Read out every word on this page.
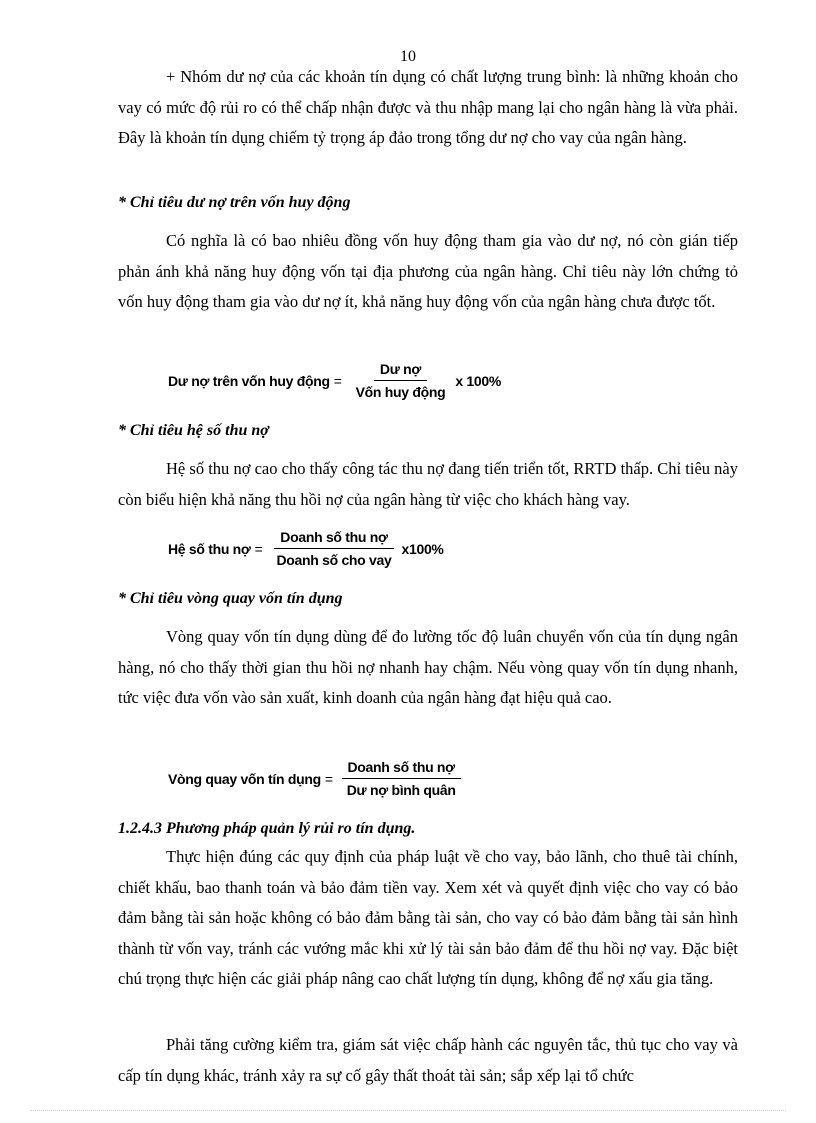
10

+ Nhóm dư nợ của các khoản tín dụng có chất lượng trung bình: là những khoản cho vay có mức độ rủi ro có thể chấp nhận được và thu nhập mang lại cho ngân hàng là vừa phải. Đây là khoản tín dụng chiếm tỷ trọng áp đảo trong tổng dư nợ cho vay của ngân hàng.

* Chỉ tiêu dư nợ trên vốn huy động

Có nghĩa là có bao nhiêu đồng vốn huy động tham gia vào dư nợ, nó còn gián tiếp phản ánh khả năng huy động vốn tại địa phương của ngân hàng. Chỉ tiêu này lớn chứng tỏ vốn huy động tham gia vào dư nợ ít, khả năng huy động vốn của ngân hàng chưa được tốt.

Dư nợ trên vốn huy động = $\frac{\text{Dư nợ}}{\text{Vốn huy động}}$ x 100%

* Chỉ tiêu hệ số thu nợ

Hệ số thu nợ cao cho thấy công tác thu nợ đang tiến triển tốt, RRTD thấp. Chỉ tiêu này còn biểu hiện khả năng thu hồi nợ của ngân hàng từ việc cho khách hàng vay.

Hệ số thu nợ = $\frac{\text{Doanh số thu nợ}}{\text{Doanh số cho vay}} x100\%$

* Chỉ tiêu vòng quay vốn tín dụng

Vòng quay vốn tín dụng dùng để đo lường tốc độ luân chuyển vốn của tín dụng ngân hàng, nó cho thấy thời gian thu hồi nợ nhanh hay chậm. Nếu vòng quay vốn tín dụng nhanh, tức việc đưa vốn vào sản xuất, kinh doanh của ngân hàng đạt hiệu quả cao.

Vòng quay vốn tín dụng = $\frac{\text{Doanh số thu nợ}}{\text{Dư nợ bình quân}}$

1.2.4.3 Phương pháp quản lý rủi ro tín dụng.

Thực hiện đúng các quy định của pháp luật về cho vay, bảo lãnh, cho thuê tài chính, chiết khấu, bao thanh toán và bảo đảm tiền vay. Xem xét và quyết định việc cho vay có bảo đảm bằng tài sản hoặc không có bảo đảm bằng tài sản, cho vay có bảo đảm bằng tài sản hình thành từ vốn vay, tránh các vướng mắc khi xử lý tài sản bảo đảm để thu hồi nợ vay. Đặc biệt chú trọng thực hiện các giải pháp nâng cao chất lượng tín dụng, không để nợ xấu gia tăng.

Phải tăng cường kiểm tra, giám sát việc chấp hành các nguyên tắc, thủ tục cho vay và cấp tín dụng khác, tránh xảy ra sự cố gây thất thoát tài sản; sắp xếp lại tổ chức
